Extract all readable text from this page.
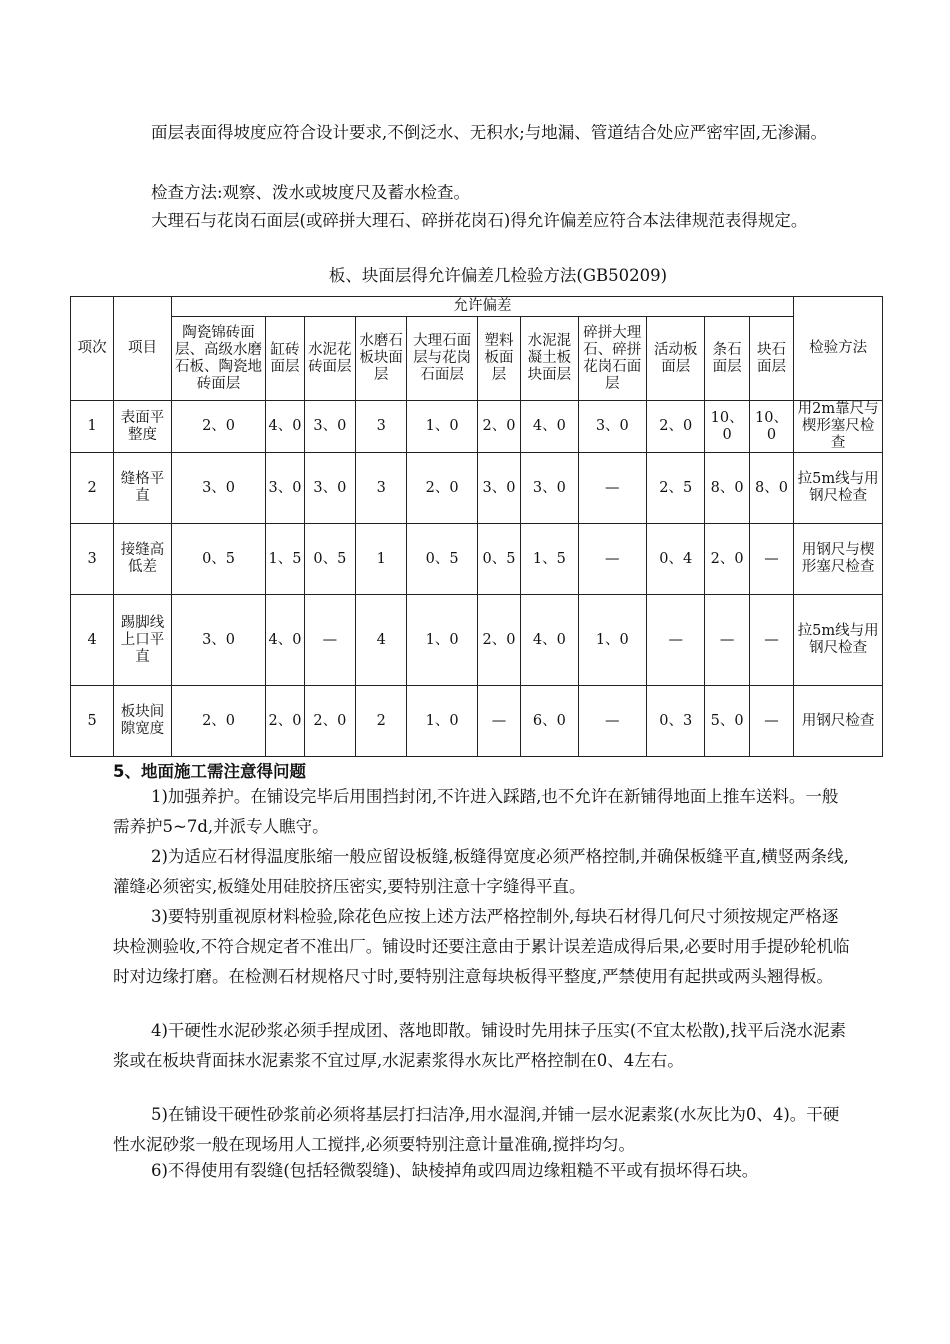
面层表面得坡度应符合设计要求,不倒泛水、无积水;与地漏、管道结合处应严密牢固,无渗漏。

检查方法:观察、泼水或坡度尺及蓄水检查。

大理石与花岗石面层(或碎拼大理石、碎拼花岗石)得允许偏差应符合本法律规范表得规定。

板、块面层得允许偏差几检验方法(GB50209)

项次	项目	允许偏差											检验方法
		陶瓷锦砖面层、高级水磨石板、陶瓷地砖面层	缸砖面层	水泥花砖面层	水磨石板块面层	大理石面层与花岗石面层	塑料板面层	水泥混凝土板块面层	碎拼大理石、碎拼花岗石面层	活动板面层	条石面层	块石面层	
1	表面平整度	2、0	4、0	3、0	3	1、0	2、0	4、0	3、0	2、0	10、0	10、0	用2m靠尺与楔形塞尺检查
2	缝格平直	3、0	3、0	3、0	3	2、0	3、0	3、0	—	2、5	8、0	8、0	拉5m线与用钢尺检查
3	接缝高低差	0、5	1、5	0、5	1	0、5	0、5	1、5	—	0、4	2、0	—	用钢尺与楔形塞尺检查
4	踢脚线上口平直	3、0	4、0	—	4	1、0	2、0	4、0	1、0	—	—	—	拉5m线与用钢尺检查
5	板块间隙宽度	2、0	2、0	2、0	2	1、0	—	6、0	—	0、3	5、0	—	用钢尺检查
5、地面施工需注意得问题

1)加强养护。在铺设完毕后用围挡封闭,不许进入踩踏,也不允许在新铺得地面上推车送料。一般需养护5~7d,并派专人瞧守。

2)为适应石材得温度胀缩一般应留设板缝,板缝得宽度必须严格控制,并确保板缝平直,横竖两条线,灌缝必须密实,板缝处用硅胶挤压密实,要特别注意十字缝得平直。

3)要特别重视原材料检验,除花色应按上述方法严格控制外,每块石材得几何尺寸须按规定严格逐块检测验收,不符合规定者不准出厂。铺设时还要注意由于累计误差造成得后果,必要时用手提砂轮机临时对边缘打磨。在检测石材规格尺寸时,要特别注意每块板得平整度,严禁使用有起拱或两头翘得板。

4)干硬性水泥砂浆必须手捏成团、落地即散。铺设时先用抹子压实(不宜太松散),找平后浇水泥素浆或在板块背面抹水泥素浆不宜过厚,水泥素浆得水灰比严格控制在0、4左右。

5)在铺设干硬性砂浆前必须将基层打扫洁净,用水湿润,并铺一层水泥素浆(水灰比为0、4)。干硬性水泥砂浆一般在现场用人工搅拌,必须要特别注意计量准确,搅拌均匀。

6)不得使用有裂缝(包括轻微裂缝)、缺棱掉角或四周边缘粗糙不平或有损坏得石块。
